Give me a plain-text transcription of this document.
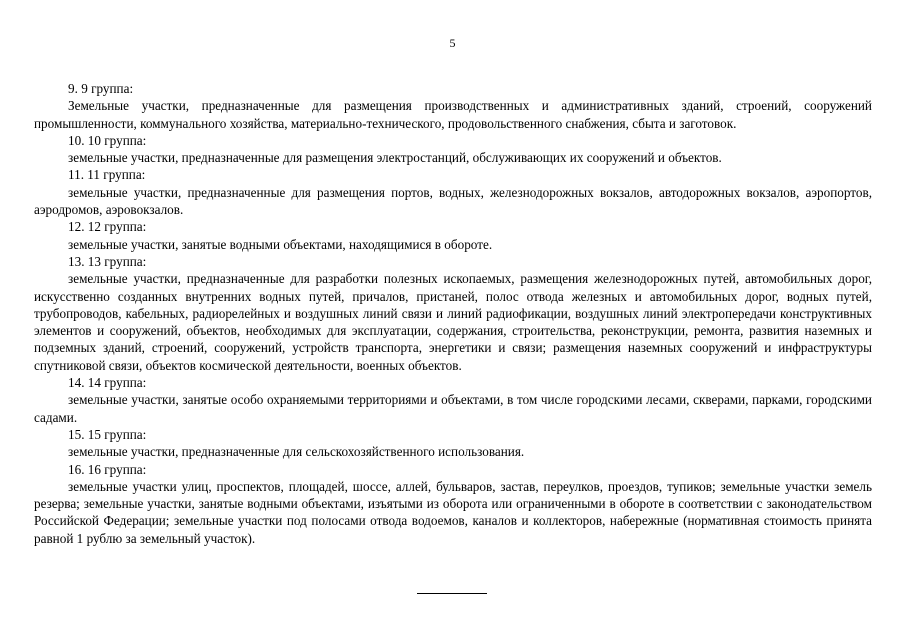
5

9. 9 группа:

Земельные участки, предназначенные для размещения производственных и административных зданий, строений, сооружений промышленности, коммунального хозяйства, материально-технического, продовольственного снабжения, сбыта и заготовок.

10. 10 группа:

земельные участки, предназначенные для размещения электростанций, обслуживающих их сооружений и объектов.

11. 11 группа:

земельные участки, предназначенные для размещения портов, водных, железнодорожных вокзалов, автодорожных вокзалов, аэропортов, аэродромов, аэровокзалов.

12. 12 группа:

земельные участки, занятые водными объектами, находящимися в обороте.

13. 13 группа:

земельные участки, предназначенные для разработки полезных ископаемых, размещения железнодорожных путей, автомобильных дорог, искусственно созданных внутренних водных путей, причалов, пристаней, полос отвода железных и автомобильных дорог, водных путей, трубопроводов, кабельных, радиорелейных и воздушных линий связи и линий радиофикации, воздушных линий электропередачи конструктивных элементов и сооружений, объектов, необходимых для эксплуатации, содержания, строительства, реконструкции, ремонта, развития наземных и подземных зданий, строений, сооружений, устройств транспорта, энергетики и связи; размещения наземных сооружений и инфраструктуры спутниковой связи, объектов космической деятельности, военных объектов.

14. 14 группа:

земельные участки, занятые особо охраняемыми территориями и объектами, в том числе городскими лесами, скверами, парками, городскими садами.

15. 15 группа:

земельные участки, предназначенные для сельскохозяйственного использования.

16. 16 группа:

земельные участки улиц, проспектов, площадей, шоссе, аллей, бульваров, застав, переулков, проездов, тупиков; земельные участки земель резерва; земельные участки, занятые водными объектами, изъятыми из оборота или ограниченными в обороте в соответствии с законодательством Российской Федерации; земельные участки под полосами отвода водоемов, каналов и коллекторов, набережные (нормативная стоимость принята равной 1 рублю за земельный участок).
